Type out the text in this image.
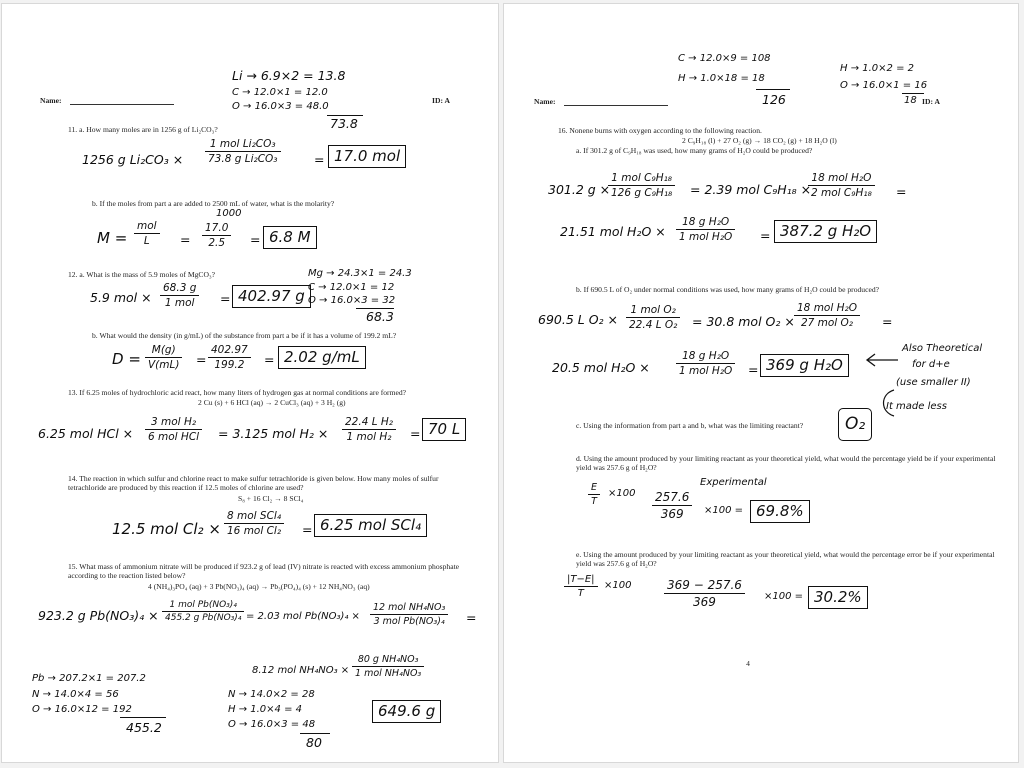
Name:	ID: A
Li → 6.9×2 = 13.8
C → 12.0×1 = 12.0
O → 16.0×3 = 48.0
73.8
11. a. How many moles are in 1256 g of Li₂CO₃?
1256 g Li₂CO₃ ×
1 mol Li₂CO₃
73.8 g Li₂CO₃	= 17.0 mol
b. If the moles from part a are added to 2500 mL of water, what is the molarity?
M =
mol
L	=
1000
$\frac{17.0}{2.5} = 6.8$ M
12. a. What is the mass of 5.9 moles of MgCO₃?	Mg → 24.3×1 = 24.3
C → 12.0×1 = 12
O → 16.0×3 = 32
68.3
5.9 mol ×
68.3 g
1 mol	= 402.97 g
b. What would the density (in g/mL) of the substance from part a be if it has a volume of 199.2 mL?
$D = \frac{M(g)}{V(mL)} = \frac{402.97}{199.2} = 2.02$ g/mL
13. If 6.25 moles of hydrochloric acid react, how many liters of hydrogen gas at normal conditions are formed?
2 Cu (s) + 6 HCl (aq) → 2 CuCl₃ (aq) + 3 H₂ (g)
6.25 mol HCl ×
3 mol H₂
6 mol HCl = 3.125 mol H₂ ×
22.4 L H₂
1 mol H₂	= 70 L
14. The reaction in which sulfur and chlorine react to make sulfur tetrachloride is given below. How many moles of sulfur tetrachloride are produced by this reaction if 12.5 moles of chlorine are used?
S₈ + 16 Cl₂ → 8 SCl₄
12.5 mol Cl₂ ×
8 mol SCl₄
16 mol Cl₂ = 6.25 mol SCl₄
15. What mass of ammonium nitrate will be produced if 923.2 g of lead (IV) nitrate is reacted with excess ammonium phosphate according to the reaction listed below?
4 (NH₄)₃PO₄ (aq) + 3 Pb(NO₃)₄ (aq) → Pb₃(PO₄)₄ (s) + 12 NH₄NO₃ (aq)
923.2 g Pb(NO₃)₄ ×
1 mol Pb(NO₃)₄
455.2 g Pb(NO₃)₄ = 2.03 mol Pb(NO₃)₄ ×
12 mol NH₄NO₃
3 mol Pb(NO₃)₄ =
8.12 mol NH₄NO₃ ×
80 g NH₄NO₃
1 mol NH₄NO₃
Pb → 207.2×1 = 207.2
N → 14.0×4 = 56
O → 16.0×12 = 192
455.2
N → 14.0×2 = 28
H → 1.0×4 = 4
O → 16.0×3 = 48
80
649.6 g
Name:	ID: A
C → 12.0×9 = 108
H → 1.0×18 = 18
126
H → 1.0×2 = 2
O → 16.0×1 = 16
18
16. Nonene burns with oxygen according to the following reaction.
2 C₉H₁₈ (l) + 27 O₂ (g) → 18 CO₂ (g) + 18 H₂O (l)
a. If 301.2 g of C₉H₁₈ was used, how many grams of H₂O could be produced?
301.2 g ×
1 mol C₉H₁₈
126 g C₉H₁₈ = 2.39 mol C₉H₁₈ ×
18 mol H₂O
2 mol C₉H₁₈ =
21.51 mol H₂O ×
18 g H₂O
1 mol H₂O = 387.2 g H₂O
b. If 690.5 L of O₂ under normal conditions was used, how many grams of H₂O could be produced?
690.5 L O₂ ×
1 mol O₂
22.4 L O₂ = 30.8 mol O₂ ×
18 mol H₂O
27 mol O₂	=
20.5 mol H₂O ×
18 g H₂O
1 mol H₂O = 369 g H₂O
Also Theoretical
for d+e
(use smaller II)
It made less
c. Using the information from part a and b, what was the limiting reactant?	O₂
d. Using the amount produced by your limiting reactant as your theoretical yield, what would the percentage yield be if your experimental yield was 257.6 g of H₂O?
$\frac{E}{T} \times 100$
Experimental
$\frac{257.6}{369} \times 100 = 69.8\%$
e. Using the amount produced by your limiting reactant as your theoretical yield, what would the percentage error be if your experimental yield was 257.6 g of H₂O?
$\frac{|T-E|}{T} \times 100$	$\frac{369 - 257.6}{369} \times 100 = 30.2\%$
4
